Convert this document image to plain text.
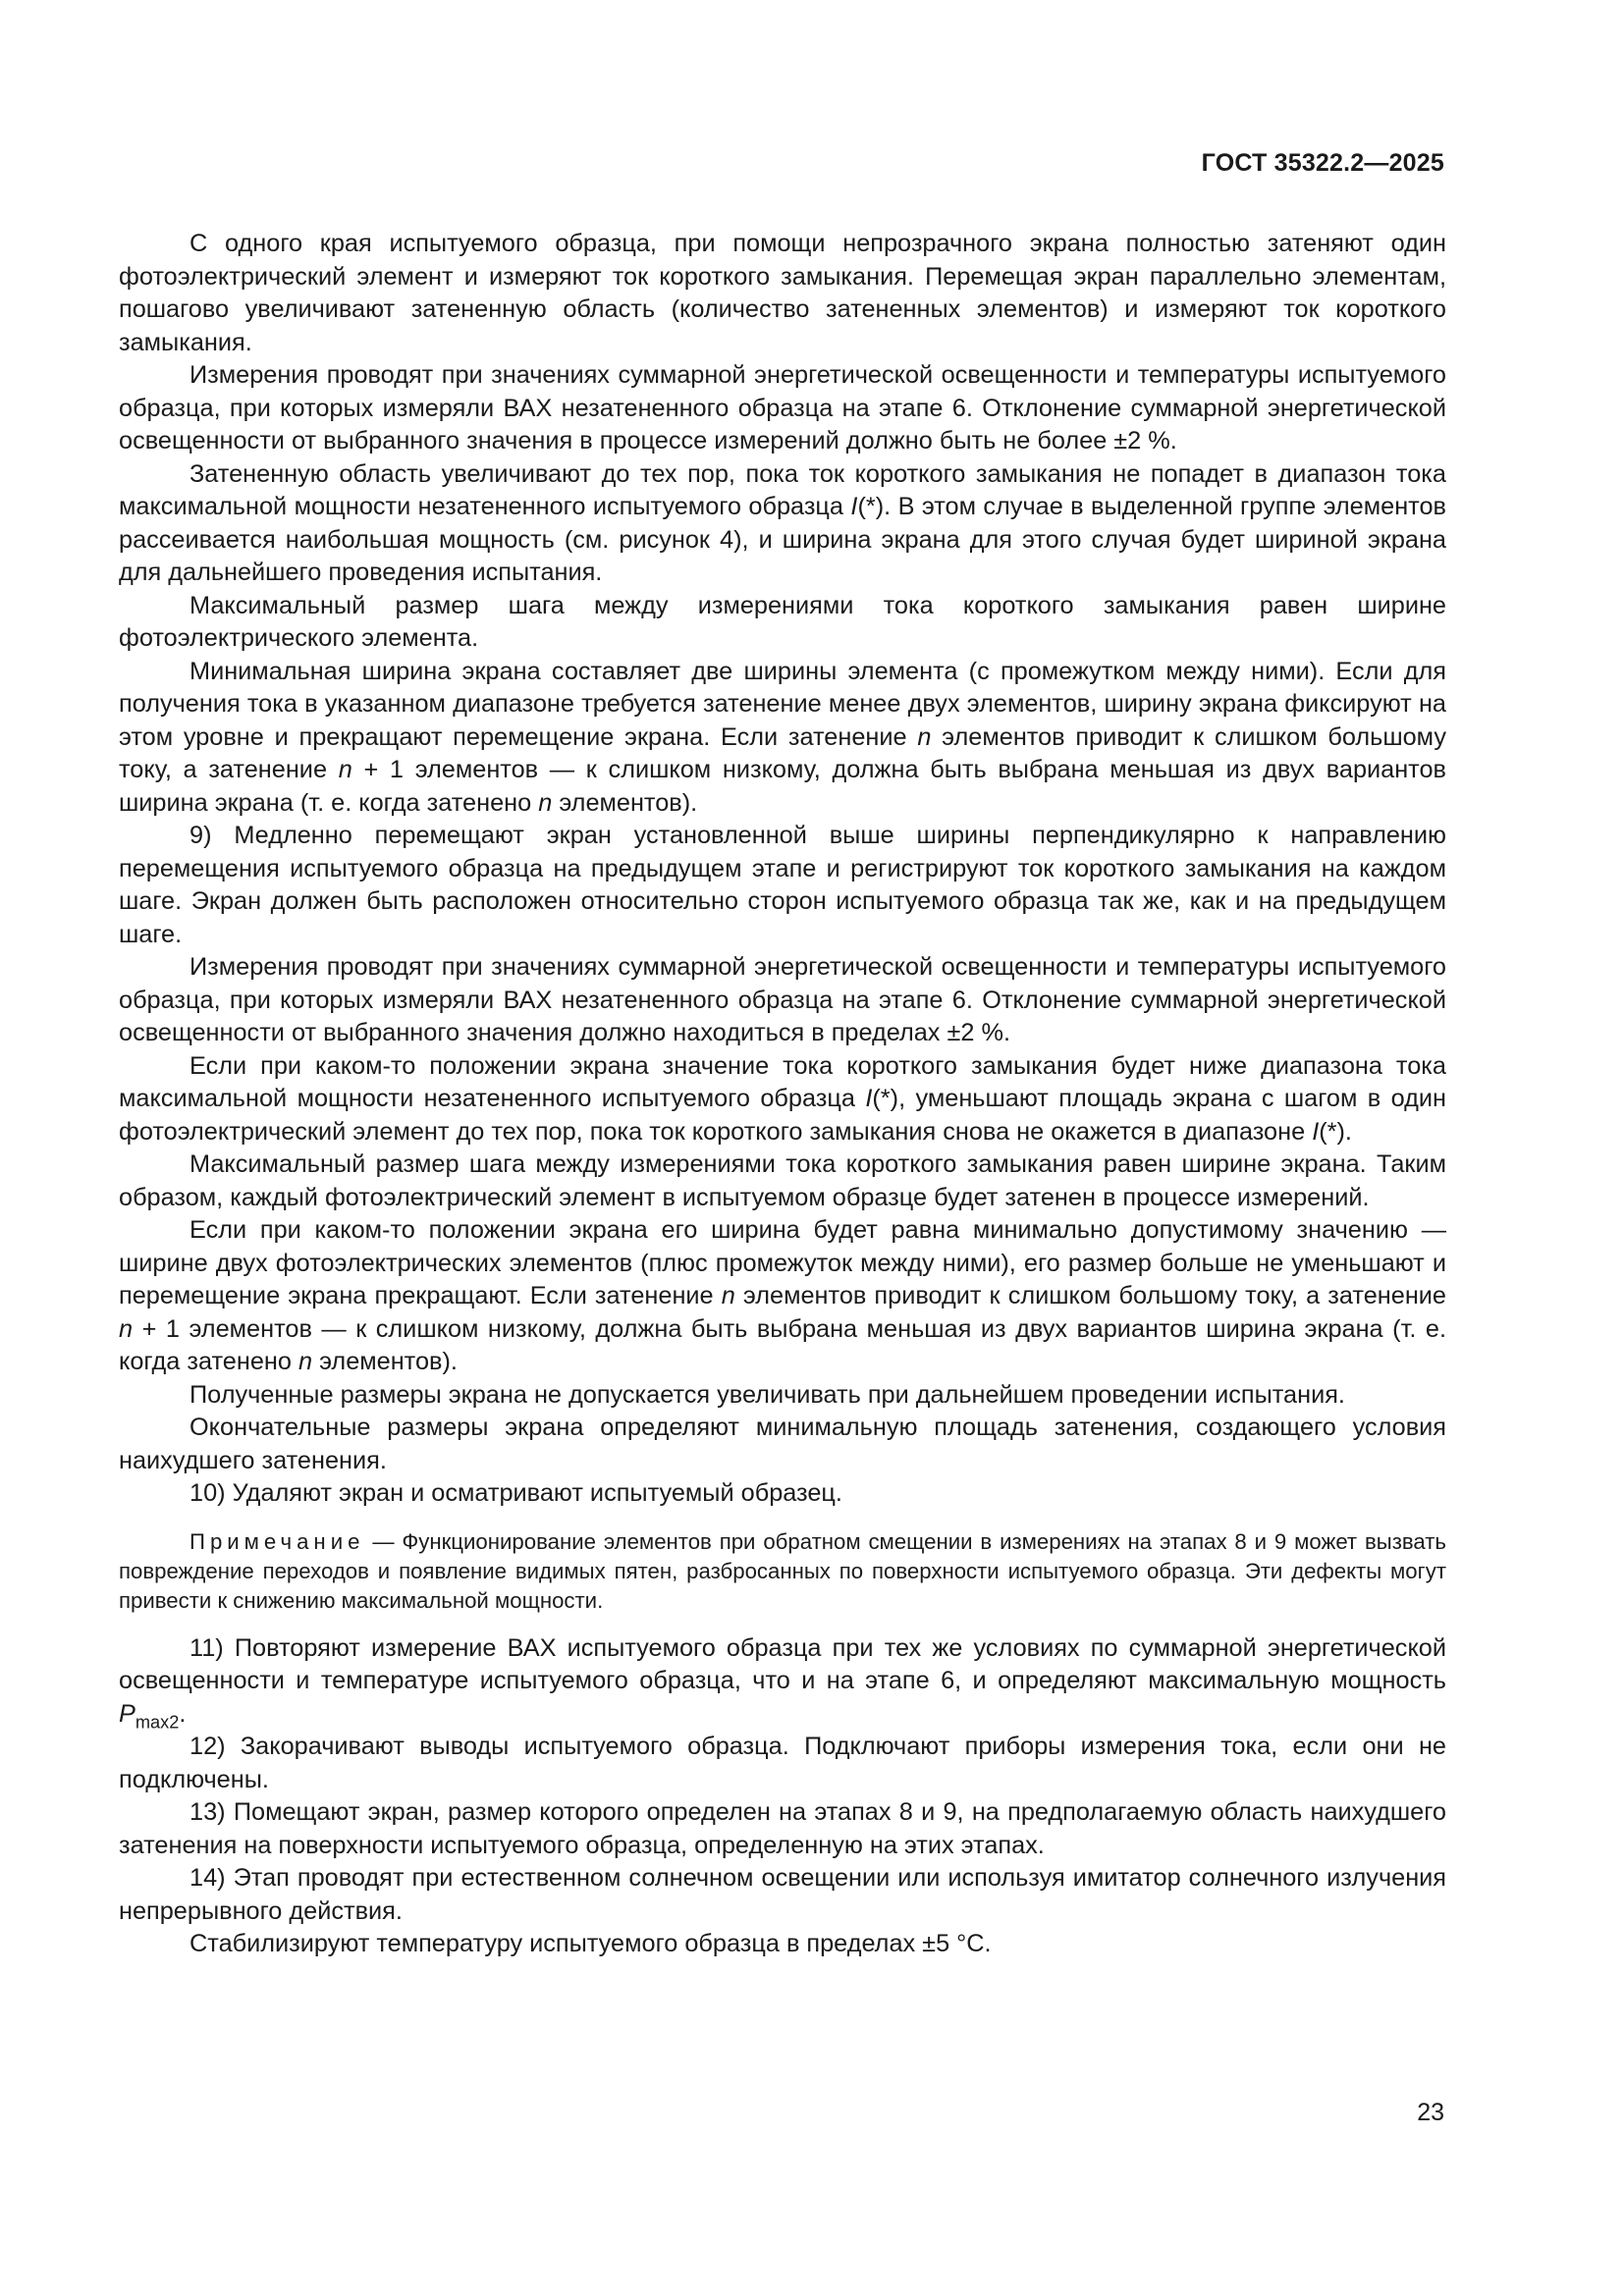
ГОСТ 35322.2—2025

С одного края испытуемого образца, при помощи непрозрачного экрана полностью затеняют один фотоэлектрический элемент и измеряют ток короткого замыкания. Перемещая экран параллельно элементам, пошагово увеличивают затененную область (количество затененных элементов) и измеряют ток короткого замыкания.

Измерения проводят при значениях суммарной энергетической освещенности и температуры испытуемого образца, при которых измеряли ВАХ незатененного образца на этапе 6. Отклонение суммарной энергетической освещенности от выбранного значения в процессе измерений должно быть не более ±2 %.

Затененную область увеличивают до тех пор, пока ток короткого замыкания не попадет в диапазон тока максимальной мощности незатененного испытуемого образца I(*). В этом случае в выделенной группе элементов рассеивается наибольшая мощность (см. рисунок 4), и ширина экрана для этого случая будет шириной экрана для дальнейшего проведения испытания.

Максимальный размер шага между измерениями тока короткого замыкания равен ширине фотоэлектрического элемента.

Минимальная ширина экрана составляет две ширины элемента (с промежутком между ними). Если для получения тока в указанном диапазоне требуется затенение менее двух элементов, ширину экрана фиксируют на этом уровне и прекращают перемещение экрана. Если затенение n элементов приводит к слишком большому току, а затенение n + 1 элементов — к слишком низкому, должна быть выбрана меньшая из двух вариантов ширина экрана (т. е. когда затенено n элементов).

9) Медленно перемещают экран установленной выше ширины перпендикулярно к направлению перемещения испытуемого образца на предыдущем этапе и регистрируют ток короткого замыкания на каждом шаге. Экран должен быть расположен относительно сторон испытуемого образца так же, как и на предыдущем шаге.

Измерения проводят при значениях суммарной энергетической освещенности и температуры испытуемого образца, при которых измеряли ВАХ незатененного образца на этапе 6. Отклонение суммарной энергетической освещенности от выбранного значения должно находиться в пределах ±2 %.

Если при каком-то положении экрана значение тока короткого замыкания будет ниже диапазона тока максимальной мощности незатененного испытуемого образца I(*), уменьшают площадь экрана с шагом в один фотоэлектрический элемент до тех пор, пока ток короткого замыкания снова не окажется в диапазоне I(*).

Максимальный размер шага между измерениями тока короткого замыкания равен ширине экрана. Таким образом, каждый фотоэлектрический элемент в испытуемом образце будет затенен в процессе измерений.

Если при каком-то положении экрана его ширина будет равна минимально допустимому значению — ширине двух фотоэлектрических элементов (плюс промежуток между ними), его размер больше не уменьшают и перемещение экрана прекращают. Если затенение n элементов приводит к слишком большому току, а затенение n + 1 элементов — к слишком низкому, должна быть выбрана меньшая из двух вариантов ширина экрана (т. е. когда затенено n элементов).

Полученные размеры экрана не допускается увеличивать при дальнейшем проведении испытания.

Окончательные размеры экрана определяют минимальную площадь затенения, создающего условия наихудшего затенения.

10) Удаляют экран и осматривают испытуемый образец.

Примечание — Функционирование элементов при обратном смещении в измерениях на этапах 8 и 9 может вызвать повреждение переходов и появление видимых пятен, разбросанных по поверхности испытуемого образца. Эти дефекты могут привести к снижению максимальной мощности.

11) Повторяют измерение ВАХ испытуемого образца при тех же условиях по суммарной энергетической освещенности и температуре испытуемого образца, что и на этапе 6, и определяют максимальную мощность $P_{max2}$.

12) Закорачивают выводы испытуемого образца. Подключают приборы измерения тока, если они не подключены.

13) Помещают экран, размер которого определен на этапах 8 и 9, на предполагаемую область наихудшего затенения на поверхности испытуемого образца, определенную на этих этапах.

14) Этап проводят при естественном солнечном освещении или используя имитатор солнечного излучения непрерывного действия.

Стабилизируют температуру испытуемого образца в пределах ±5 °С.

23
